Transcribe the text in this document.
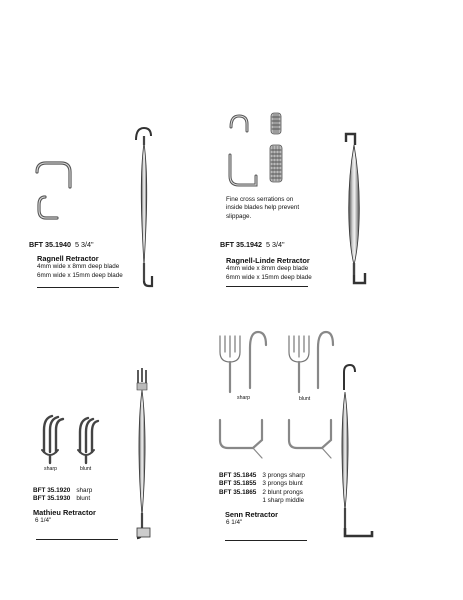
BFT 35.1940 5 3/4"
Ragnell Retractor
4mm wide x 8mm deep blade
6mm wide x 15mm deep blade
Fine cross serrations on inside blades help prevent slippage.
BFT 35.1942 5 3/4"
Ragnell-Linde Retractor
4mm wide x 8mm deep blade
6mm wide x 15mm deep blade
sharp	blunt
BFT 35.1920	sharp
BFT 35.1930	blunt
Mathieu Retractor
6 1/4"
sharp	blunt
BFT 35.1845	3 prongs sharp
BFT 35.1855	3 prongs blunt
BFT 35.1865	2 blunt prongs
	1 sharp middle
Senn Retractor
6 1/4"
